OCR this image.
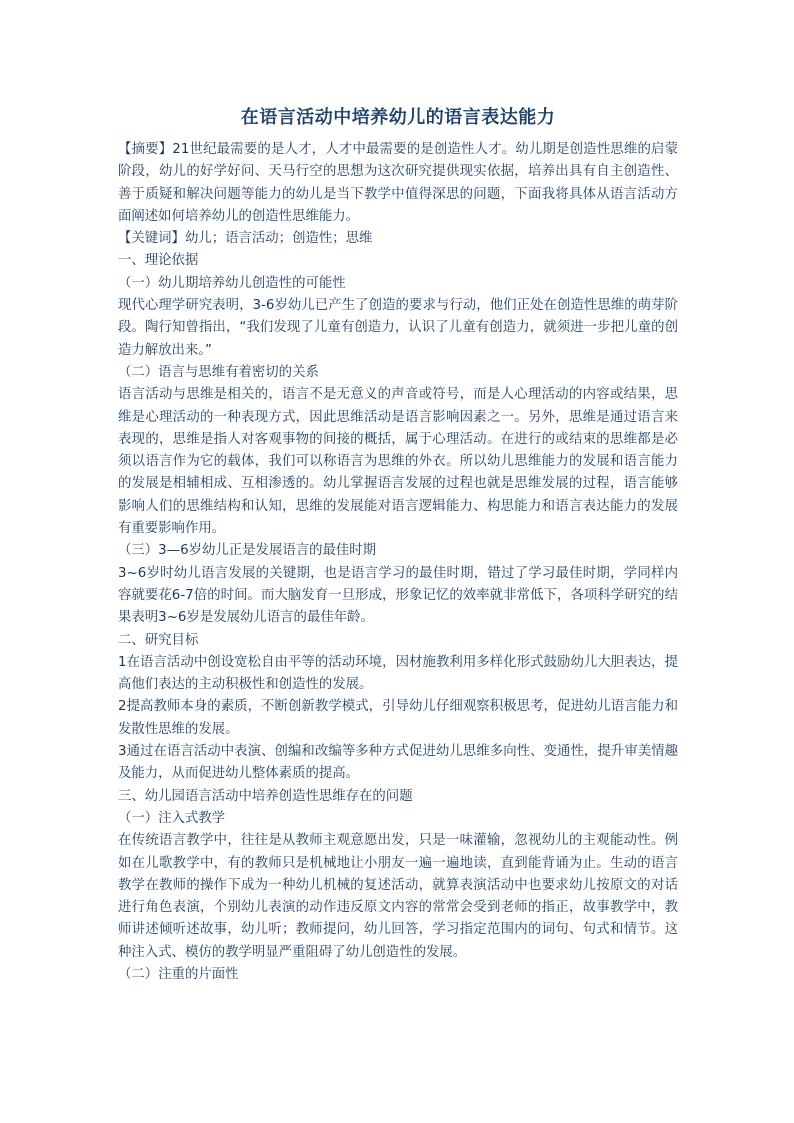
在语言活动中培养幼儿的语言表达能力

【摘要】21世纪最需要的是人才，人才中最需要的是创造性人才。幼儿期是创造性思维的启蒙阶段，幼儿的好学好问、天马行空的思想为这次研究提供现实依据，培养出具有自主创造性、善于质疑和解决问题等能力的幼儿是当下教学中值得深思的问题，下面我将具体从语言活动方面阐述如何培养幼儿的创造性思维能力。

【关键词】幼儿；语言活动；创造性；思维

一、理论依据

（一）幼儿期培养幼儿创造性的可能性

现代心理学研究表明，3-6岁幼儿已产生了创造的要求与行动，他们正处在创造性思维的萌芽阶段。陶行知曾指出，“我们发现了儿童有创造力，认识了儿童有创造力，就须进一步把儿童的创造力解放出来。”

（二）语言与思维有着密切的关系

语言活动与思维是相关的，语言不是无意义的声音或符号，而是人心理活动的内容或结果，思维是心理活动的一种表现方式，因此思维活动是语言影响因素之一。另外，思维是通过语言来表现的，思维是指人对客观事物的间接的概括，属于心理活动。在进行的或结束的思维都是必须以语言作为它的载体，我们可以称语言为思维的外衣。所以幼儿思维能力的发展和语言能力的发展是相辅相成、互相渗透的。幼儿掌握语言发展的过程也就是思维发展的过程，语言能够影响人们的思维结构和认知，思维的发展能对语言逻辑能力、构思能力和语言表达能力的发展有重要影响作用。

（三）3—6岁幼儿正是发展语言的最佳时期

3~6岁时幼儿语言发展的关键期，也是语言学习的最佳时期，错过了学习最佳时期，学同样内容就要花6-7倍的时间。而大脑发育一旦形成，形象记忆的效率就非常低下，各项科学研究的结果表明3~6岁是发展幼儿语言的最佳年龄。

二、研究目标

1在语言活动中创设宽松自由平等的活动环境，因材施教利用多样化形式鼓励幼儿大胆表达，提高他们表达的主动积极性和创造性的发展。

2提高教师本身的素质，不断创新教学模式，引导幼儿仔细观察积极思考，促进幼儿语言能力和发散性思维的发展。

3通过在语言活动中表演、创编和改编等多种方式促进幼儿思维多向性、变通性，提升审美情趣及能力，从而促进幼儿整体素质的提高。

三、幼儿园语言活动中培养创造性思维存在的问题

（一）注入式教学

在传统语言教学中，往往是从教师主观意愿出发，只是一味灌输，忽视幼儿的主观能动性。例如在儿歌教学中，有的教师只是机械地让小朋友一遍一遍地读，直到能背诵为止。生动的语言教学在教师的操作下成为一种幼儿机械的复述活动，就算表演活动中也要求幼儿按原文的对话进行角色表演，个别幼儿表演的动作违反原文内容的常常会受到老师的指正，故事教学中，教师讲述倾听述故事，幼儿听；教师提问，幼儿回答，学习指定范围内的词句、句式和情节。这种注入式、模仿的教学明显严重阻碍了幼儿创造性的发展。

（二）注重的片面性
